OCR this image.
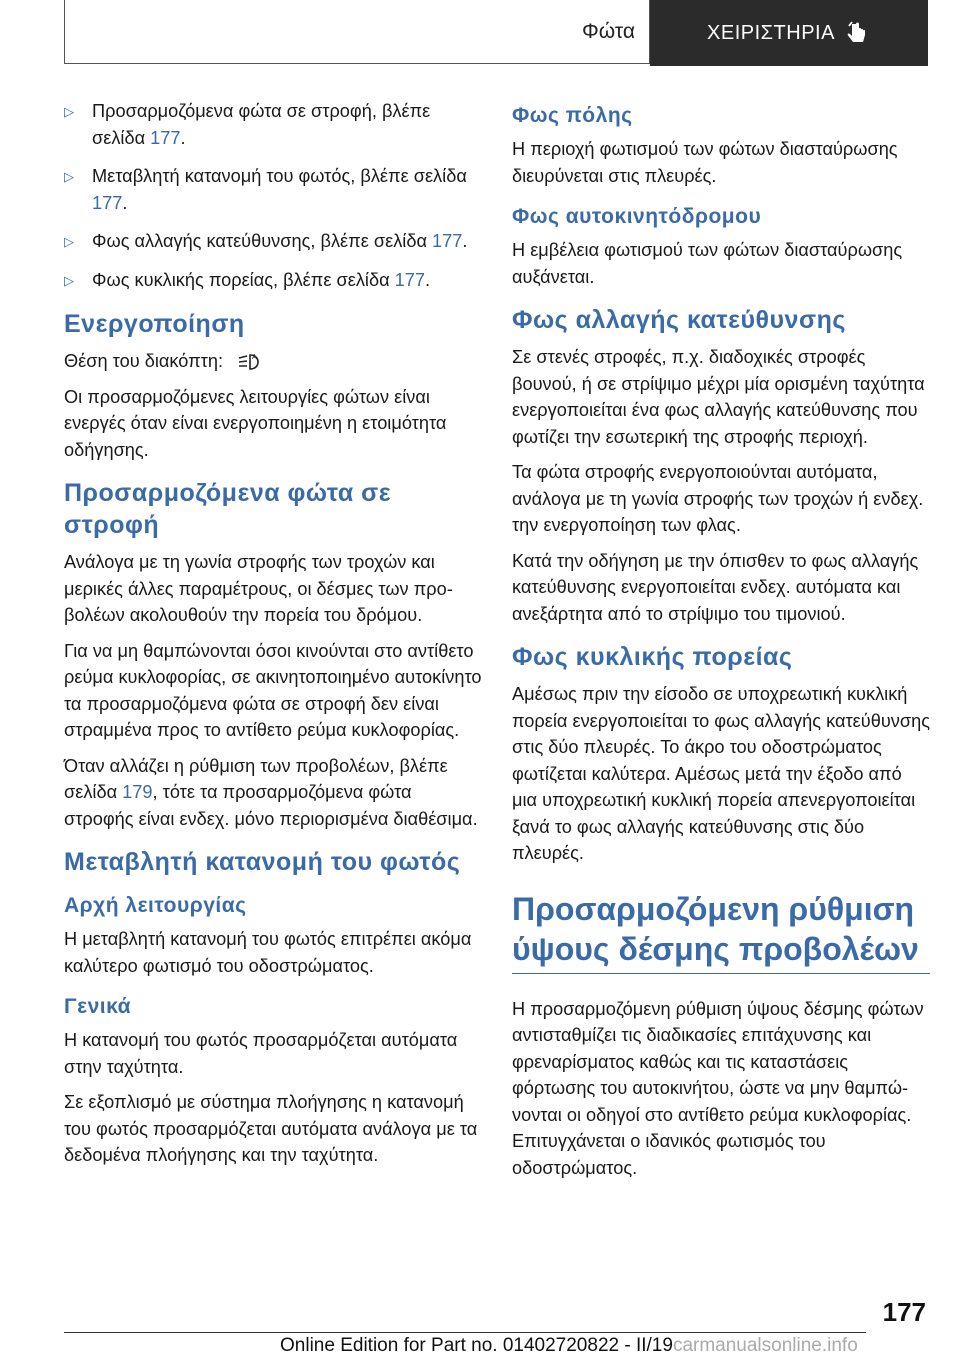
Φώτα	ΧΕΙΡΙΣΤΗΡΙΑ
▷ Προσαρμοζόμενα φώτα σε στροφή, βλέπε σελίδα 177.

▷ Μεταβλητή κατανομή του φωτός, βλέπε σελίδα 177.

▷ Φως αλλαγής κατεύθυνσης, βλέπε σελίδα 177.

▷ Φως κυκλικής πορείας, βλέπε σελίδα 177.

Ενεργοποίηση

Θέση του διακόπτη:	A

Οι προσαρμοζόμενες λειτουργίες φώτων είναι ενεργές όταν είναι ενεργοποιημένη η ετοιμότητα οδήγησης.

Προσαρμοζόμενα φώτα σε στροφή

Ανάλογα με τη γωνία στροφής των τροχών και μερικές άλλες παραμέτρους, οι δέσμες των προβολέων ακολουθούν την πορεία του δρόμου.

Για να μη θαμπώνονται όσοι κινούνται στο αντίθετο ρεύμα κυκλοφορίας, σε ακινητοποιημένο αυτοκίνητο τα προσαρμοζόμενα φώτα σε στροφή δεν είναι στραμμένα προς το αντίθετο ρεύμα κυκλοφορίας.

Όταν αλλάζει η ρύθμιση των προβολέων, βλέπε σελίδα 179, τότε τα προσαρμοζόμενα φώτα στροφής είναι ενδεχ. μόνο περιορισμένα διαθέσιμα.

Μεταβλητή κατανομή του φωτός
Αρχή λειτουργίας

Η μεταβλητή κατανομή του φωτός επιτρέπει ακόμα καλύτερο φωτισμό του οδοστρώματος.

Γενικά

Η κατανομή του φωτός προσαρμόζεται αυτόματα στην ταχύτητα.

Σε εξοπλισμό με σύστημα πλοήγησης η κατανομή του φωτός προσαρμόζεται αυτόματα ανάλογα με τα δεδομένα πλοήγησης και την ταχύτητα.

Φως πόλης

Η περιοχή φωτισμού των φώτων διασταύρωσης διευρύνεται στις πλευρές.

Φως αυτοκινητόδρομου

Η εμβέλεια φωτισμού των φώτων διασταύρωσης αυξάνεται.

Φως αλλαγής κατεύθυνσης

Σε στενές στροφές, π.χ. διαδοχικές στροφές βουνού, ή σε στρίψιμο μέχρι μία ορισμένη ταχύτητα ενεργοποιείται ένα φως αλλαγής κατεύθυνσης που φωτίζει την εσωτερική της στροφής περιοχή.

Τα φώτα στροφής ενεργοποιούνται αυτόματα, ανάλογα με τη γωνία στροφής των τροχών ή ενδεχ. την ενεργοποίηση των φλας.

Κατά την οδήγηση με την όπισθεν το φως αλλαγής κατεύθυνσης ενεργοποιείται ενδεχ. αυτόματα και ανεξάρτητα από το στρίψιμο του τιμονιού.

Φως κυκλικής πορείας

Αμέσως πριν την είσοδο σε υποχρεωτική κυκλική πορεία ενεργοποιείται το φως αλλαγής κατεύθυνσης στις δύο πλευρές. Το άκρο του οδοστρώματος φωτίζεται καλύτερα. Αμέσως μετά την έξοδο από μια υποχρεωτική κυκλική πορεία απενεργοποιείται ξανά το φως αλλαγής κατεύθυνσης στις δύο πλευρές.

Προσαρμοζόμενη ρύθμιση ύψους δέσμης προβολέων

Η προσαρμοζόμενη ρύθμιση ύψους δέσμης φώτων αντισταθμίζει τις διαδικασίες επιτάχυνσης και φρεναρίσματος καθώς και τις καταστάσεις φόρτωσης του αυτοκινήτου, ώστε να μην θαμπώνονται οι οδηγοί στο αντίθετο ρεύμα κυκλοφορίας. Επιτυγχάνεται ο ιδανικός φωτισμός του οδοστρώματος.

177
Online Edition for Part no. 01402720822 - II/19carmanualsonline.info
